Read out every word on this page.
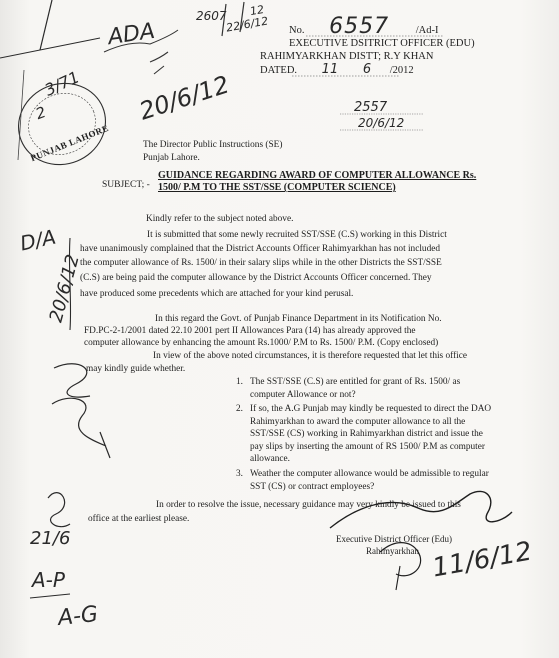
No. 6557	/Ad-I
EXECUTIVE DSITRICT OFFICER (EDU)
RAHIMYARKHAN DISTT; R.Y KHAN
DATED. 11 6 /2012
ADA
2607 12
22/6/12
20/6/12	2557
20/6/12
3/71
2
PUNJAB LAHORE	The Director Public Instructions (SE)
Punjab Lahore.
SUBJECT; -
GUIDANCE REGARDING AWARD OF COMPUTER ALLOWANCE Rs.
1500/ P.M TO THE SST/SSE (COMPUTER SCIENCE)
Kindly refer to the subject noted above.
It is submitted that some newly recruited SST/SSE (C.S) working in this District
have unanimously complained that the District Accounts Officer Rahimyarkhan has not included
the computer allowance of Rs. 1500/ in their salary slips while in the other Districts the SST/SSE
(C.S) are being paid the computer allowance by the District Accounts Officer concerned. They
have produced some precedents which are attached for your kind perusal.
In this regard the Govt. of Punjab Finance Department in its Notification No.
FD.PC-2-1/2001 dated 22.10 2001 pert II Allowances Para (14) has already approved the
computer allowance by enhancing the amount Rs.1000/ P.M to Rs. 1500/ P.M. (Copy enclosed)
In view of the above noted circumstances, it is therefore requested that let this office
may kindly guide whether.
1. The SST/SSE (C.S) are entitled for grant of Rs. 1500/ as
computer Allowance or not?
2. If so, the A.G Punjab may kindly be requested to direct the DAO
Rahimyarkhan to award the computer allowance to all the
SST/SSE (CS) working in Rahimyarkhan district and issue the
pay slips by inserting the amount of RS 1500/ P.M as computer
allowance.
3. Weather the computer allowance would be admissible to regular
SST (CS) or contract employees?
In order to resolve the issue, necessary guidance may very kindly be issued to this
office at the earliest please.
Executive District Officer (Edu)
Rahimyarkhan 11/6/12
D/A
20/6/12
21/6
A-P
A-G
